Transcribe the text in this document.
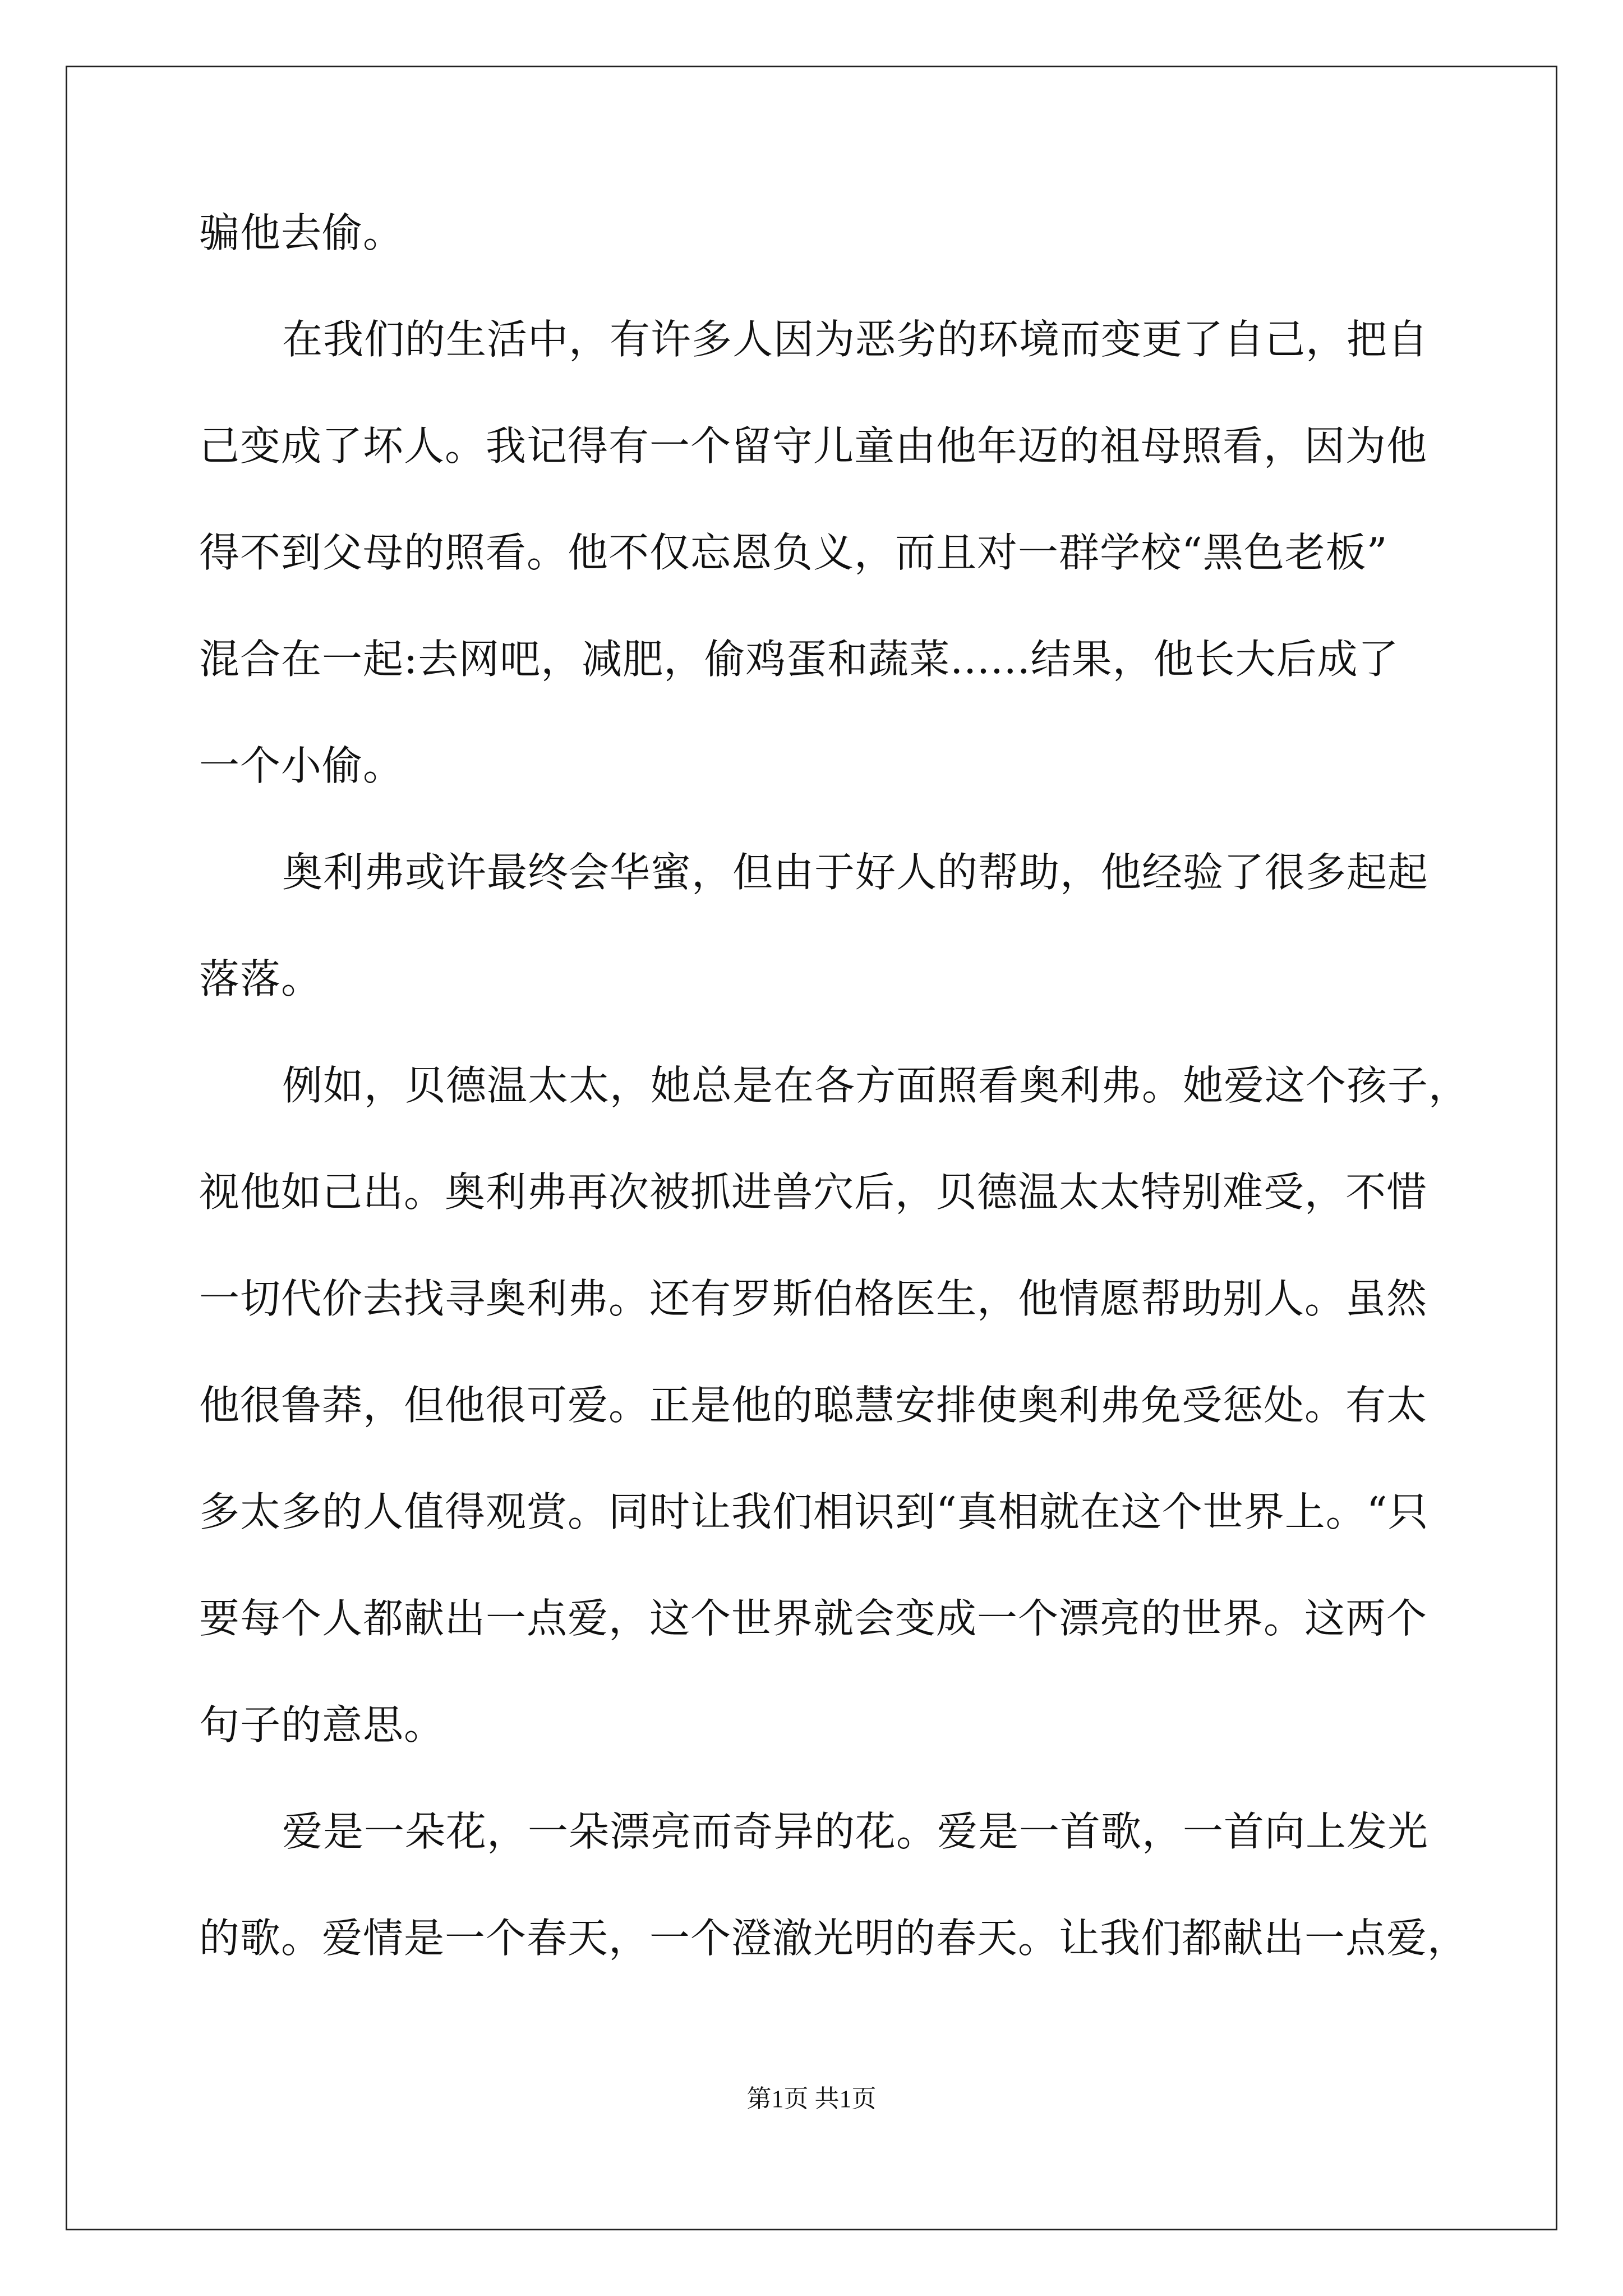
骗他去偷。
在我们的生活中，有许多人因为恶劣的环境而变更了自己，把自
己变成了坏人。我记得有一个留守儿童由他年迈的祖母照看，因为他
得不到父母的照看。他不仅忘恩负义，而且对一群学校“黑色老板”
混合在一起:去网吧，减肥，偷鸡蛋和蔬菜......结果，他长大后成了
一个小偷。
奥利弗或许最终会华蜜，但由于好人的帮助，他经验了很多起起
落落。
例如，贝德温太太，她总是在各方面照看奥利弗。她爱这个孩子，
视他如己出。奥利弗再次被抓进兽穴后，贝德温太太特别难受，不惜
一切代价去找寻奥利弗。还有罗斯伯格医生，他情愿帮助别人。虽然
他很鲁莽，但他很可爱。正是他的聪慧安排使奥利弗免受惩处。有太
多太多的人值得观赏。同时让我们相识到“真相就在这个世界上。“只
要每个人都献出一点爱，这个世界就会变成一个漂亮的世界。这两个
句子的意思。
爱是一朵花，一朵漂亮而奇异的花。爱是一首歌，一首向上发光
的歌。爱情是一个春天，一个澄澈光明的春天。让我们都献出一点爱，
第1页 共1页
